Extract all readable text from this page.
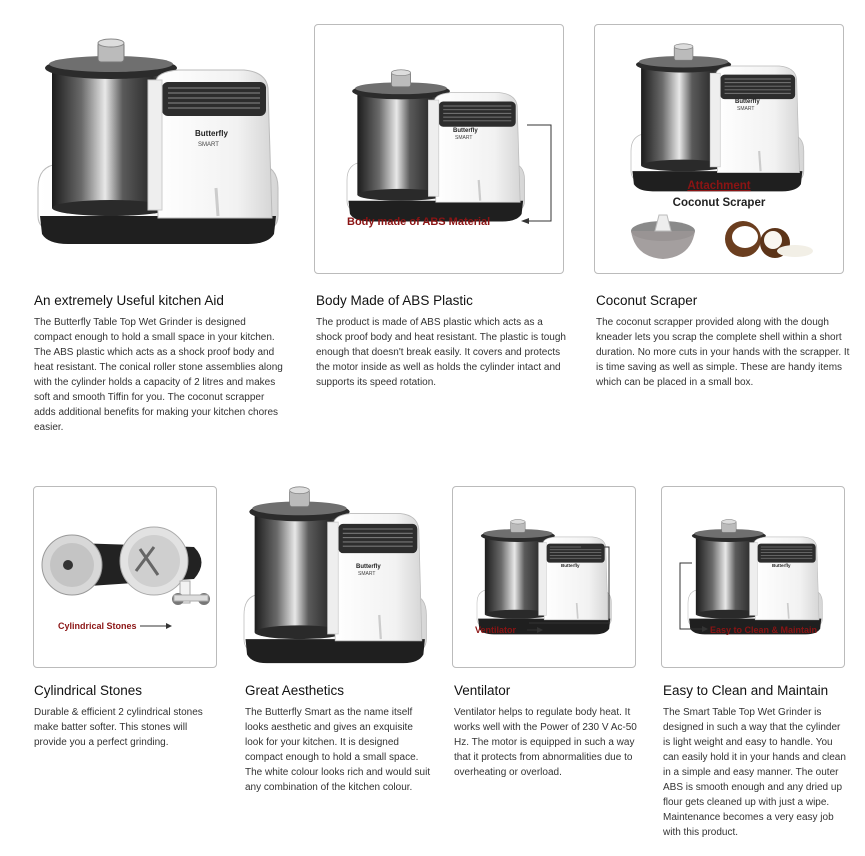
Butterfly
SMART
An extremely Useful kitchen Aid
The Butterfly Table Top Wet Grinder is designed compact enough to hold a small space in your kitchen. The ABS plastic which acts as a shock proof body and heat resistant. The conical roller stone assemblies along with the cylinder holds a capacity of 2 litres and makes soft and smooth Tiffin for you. The coconut scrapper adds additional benefits for making your kitchen chores easier.
Butterfly
SMART
Body made of ABS Material
Body Made of ABS Plastic
The product is made of ABS plastic which acts as a shock proof body and heat resistant. The plastic is tough enough that doesn't break easily. It covers and protects the motor inside as well as holds the cylinder intact and supports its speed rotation.
Butterfly
SMART
Attachment
Coconut Scraper
Coconut Scraper
The coconut scrapper provided along with the dough kneader lets you scrap the complete shell within a short duration. No more cuts in your hands with the scrapper. It is time saving as well as simple. These are handy items which can be placed in a small box.
Cylindrical Stones
Cylindrical Stones
Durable & efficient 2 cylindrical stones make batter softer. This stones will provide you a perfect grinding.
Butterfly
SMART
Great Aesthetics
The Butterfly Smart as the name itself looks aesthetic and gives an exquisite look for your kitchen. It is designed compact enough to hold a small space. The white colour looks rich and would suit any combination of the kitchen colour.
Butterfly
Ventilator
Ventilator
Ventilator helps to regulate body heat. It works well with the Power of 230 V Ac-50 Hz. The motor is equipped in such a way that it protects from abnormalities due to overheating or overload.
Butterfly
Easy to Clean & Maintain
Easy to Clean and Maintain
The Smart Table Top Wet Grinder is designed in such a way that the cylinder is light weight and easy to handle. You can easily hold it in your hands and clean in a simple and easy manner. The outer ABS is smooth enough and any dried up flour gets cleaned up with just a wipe. Maintenance becomes a very easy job with this product.
